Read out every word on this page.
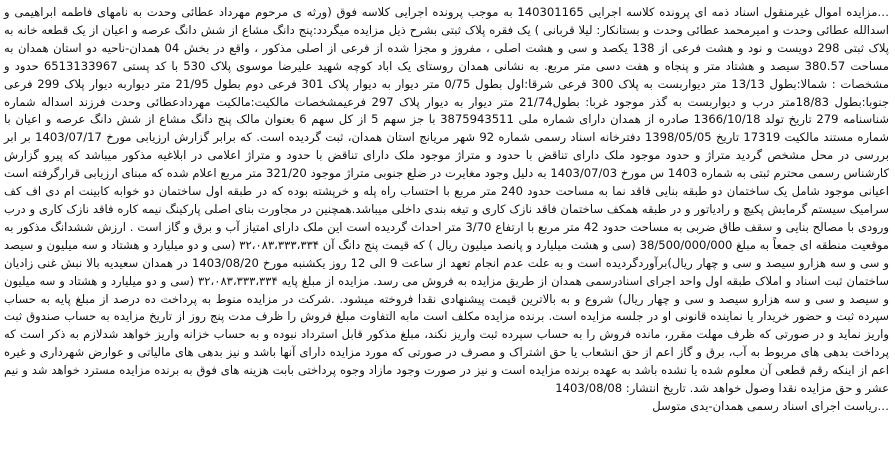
…مزایده اموال غیرمنقول اسناد ذمه ای پرونده کلاسه اجرایی 140301165 به موجب پرونده اجرایی کلاسه فوق (ورثه ی مرحوم مهرداد عطائی وحدت به نامهای فاطمه ابراهیمی و اسدالله عطائی وحدت و امیرمحمد عطائی وحدت و بستانکار: لیلا قربانی ) یک فقره پلاک ثبتی بشرح ذیل مزایده میگردد:پنج دانگ مشاع از شش دانگ عرصه و اعیان از یک قطعه خانه به پلاک ثبتی 298 دویست و نود و هشت فرعی از 138 یکصد و سی و هشت اصلی ، مفروز و مجزا شده از فرعی از اصلی مذکور ، واقع در بخش 04 همدان-ناحیه دو استان همدان به مساحت 380.57 سیصد و هشتاد متر و پنجاه و هفت دسی متر مربع. به نشانی همدان روستای یک اباد کوچه شهید علیرضا موسوی پلاک 530 با کد پستی 6513133967 حدود و مشخصات : شمالا:بطول 13/13 متر دیواربست به پلاک 300 فرعی شرقا:اول بطول 0/75 متر دیوار به دیوار پلاک 301 فرعی دوم بطول 21/95 متر دیواربه دیوار پلاک 299 فرعی جنوبا:بطول 18/83متر درب و دیواربست به گذر موجود غربا: بطول21/74 متر دیوار به دیوار پلاک 297 فرعیمشخصات مالکیت:مالکیت مهردادعطائی وحدت فرزند اسداله شماره شناسنامه 279 تاریخ تولد 1366/10/18 صادره از همدان دارای شماره ملی 3875943511 با جز سهم 5 از کل سهم 6 بعنوان مالک پنج دانگ مشاع از شش دانگ عرصه و اعیان با شماره مستند مالکیت 17319 تاریخ 1398/05/05 دفترخانه اسناد رسمی شماره 92 شهر مریانج استان همدان، ثبت گردیده است. که برابر گزارش ارزیابی مورخ 1403/07/17 بر ابر بررسی در محل مشخص گردید متراژ و حدود موجود ملک دارای تناقض با حدود و متراژ موجود ملک دارای تناقض با حدود و متراژ اعلامی در ابلاغیه مذکور میباشد که پیرو گزارش کارشناس رسمی محترم ثبتی به شماره 1403 س مورخ 1403/07/03 به دلیل وجود مغایرت در ضلع جنوبی متراژ موجود 321/20 متر مربع اعلام شده که مبنای ارزیابی قرارگرفته است اعیانی موجود شامل یک ساختمان دو طبقه بنایی فاقد نما به مساحت حدود 240 متر مربع با احتساب راه پله و خرپشته بوده که در طبقه اول ساختمان دو خوابه کابینت ام دی اف کف سرامیک سیستم گرمایش پکیچ و رادیاتور و در طبقه همکف ساختمان فاقد نازک کاری و تیغه بندی داخلی میباشد.همچنین در مجاورت بنای اصلی پارکینگ نیمه کاره فاقد نازک کاری و درب ورودی با مصالح بنایی و سقف طاق ضربی به مساحت حدود 42 متر مربع با ارتفاع 3/70 متر احداث گردیده است این ملک دارای امتیاز آب و برق و گاز است . ارزش ششدانگ مذکور به موقعیت منطقه ای جمعاً به مبلغ 38/500/000/000 (سی و هشت میلیارد و پانصد میلیون ریال ) که قیمت پنج دانگ آن ۳۲،۰۸۳،۳۳۳،۳۳۴ (سی و دو میلیارد و هشتاد و سه میلیون و سیصد و سی و سه هزارو سیصد و سی و چهار ریال)برآوردگردیده است و به علت عدم انجام تعهد از ساعت 9 الی 12 روز یکشنبه مورخ 1403/08/20 در همدان سعیدیه بالا نبش غنی زادیان ساختمان ثبت اسناد و املاک طبقه اول واحد اجرای اسنادرسمی همدان از طریق مزایده به فروش می رسد. مزایده از مبلغ پایه ۳۲،۰۸۳،۳۳۳،۳۳۴ (سی و دو میلیارد و هشتاد و سه میلیون و سیصد و سی و سه هزارو سیصد و سی و چهار ریال) شروع و به بالاترین قیمت پیشنهادی نقدا فروخته میشود. .شرکت در مزایده منوط به پرداخت ده درصد از مبلغ پایه به حساب سپرده ثبت و حضور خریدار یا نماینده قانونی او در جلسه مزایده است. برنده مزایده مکلف است مابه التفاوت مبلغ فروش را ظرف مدت پنج روز از تاریخ مزایده به حساب صندوق ثبت واریز نماید و در صورتی که ظرف مهلت مقرر، مانده فروش را به حساب سپرده ثبت واریز نکند، مبلغ مذکور قابل استرداد نبوده و به حساب خزانه واریز خواهد شدلازم به ذکر است که پرداخت بدهی های مربوط به آب، برق و گاز اعم از حق انشعاب یا حق اشتراک و مصرف در صورتی که مورد مزایده دارای آنها باشد و نیز بدهی های مالیاتی و عوارض شهرداری و غیره اعم از اینکه رقم قطعی آن معلوم شده یا نشده باشد به عهده برنده مزایده است و نیز در صورت وجود مازاد وجوه پرداختی بابت هزینه های فوق به برنده مزایده مسترد خواهد شد و نیم عشر و حق مزایده نقدا وصول خواهد شد. تاریخ انتشار: 1403/08/08

…ریاست اجرای اسناد رسمی همدان-یدی متوسل
